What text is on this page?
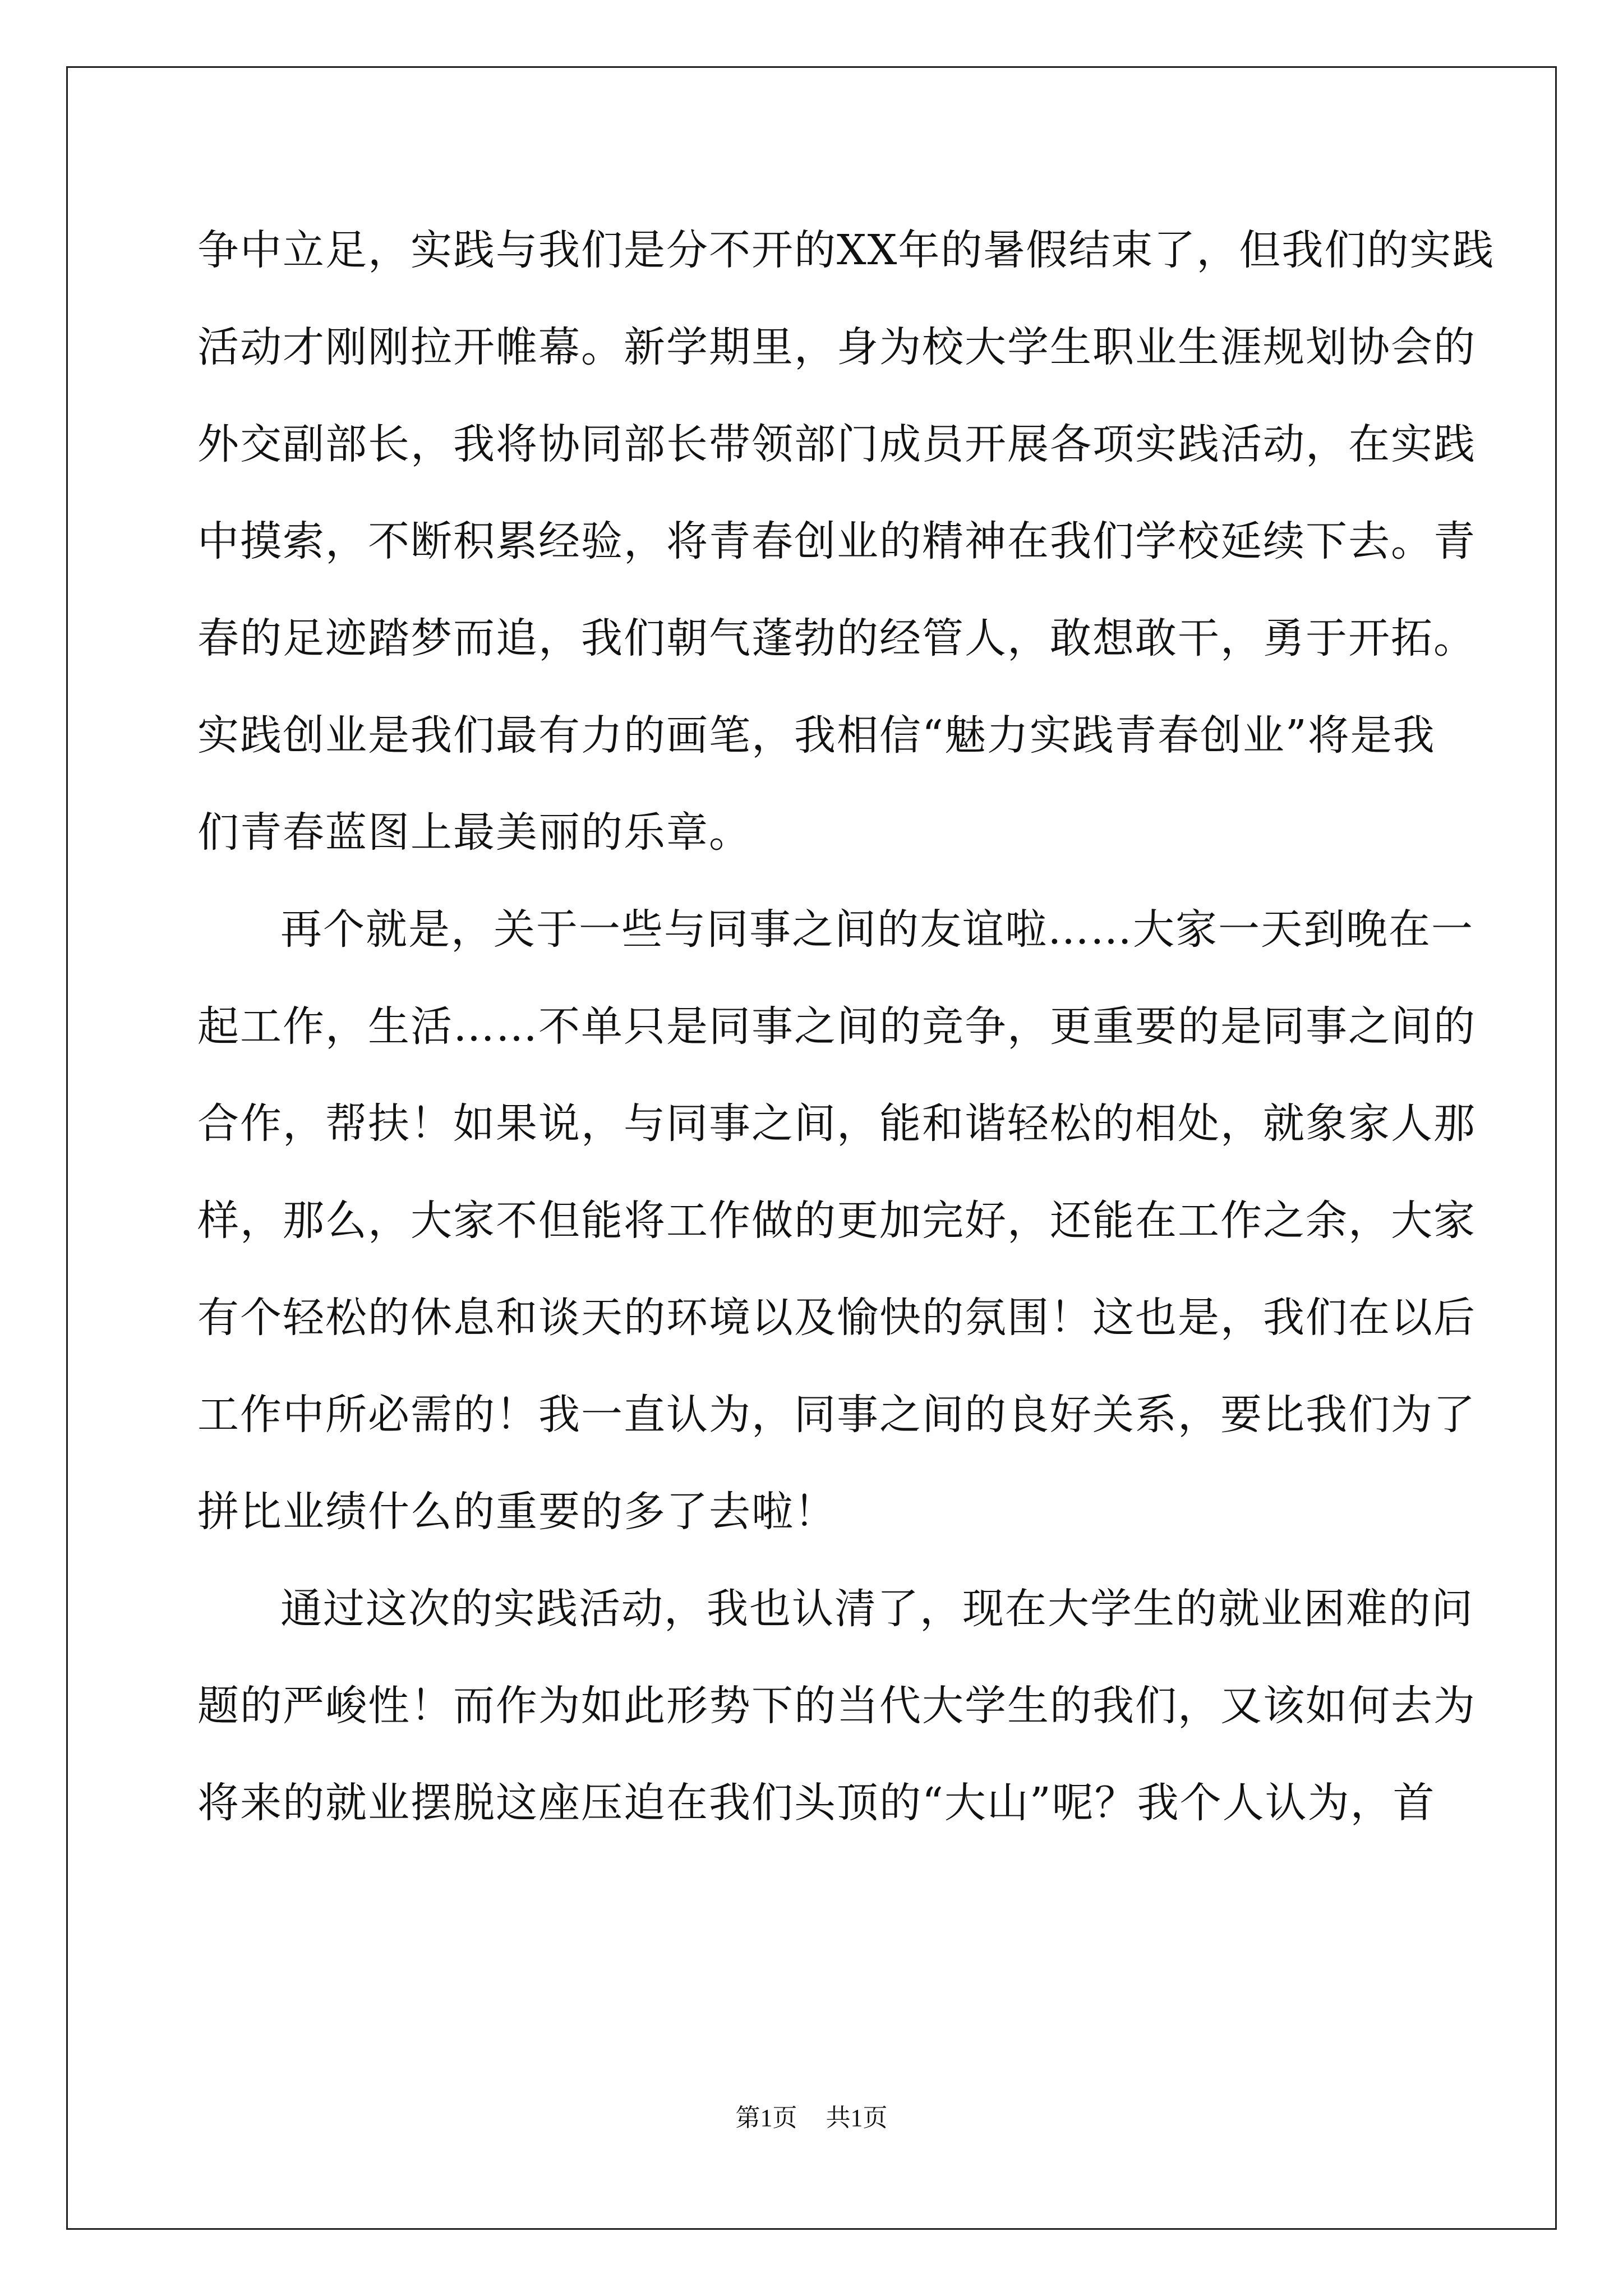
争中立足，实践与我们是分不开的XX年的暑假结束了，但我们的实践
活动才刚刚拉开帷幕。新学期里，身为校大学生职业生涯规划协会的
外交副部长，我将协同部长带领部门成员开展各项实践活动，在实践
中摸索，不断积累经验，将青春创业的精神在我们学校延续下去。青
春的足迹踏梦而追，我们朝气蓬勃的经管人，敢想敢干，勇于开拓。
实践创业是我们最有力的画笔，我相信“魅力实践青春创业”将是我
们青春蓝图上最美丽的乐章。
再个就是，关于一些与同事之间的友谊啦……大家一天到晚在一
起工作，生活……不单只是同事之间的竞争，更重要的是同事之间的
合作，帮扶！如果说，与同事之间，能和谐轻松的相处，就象家人那
样，那么，大家不但能将工作做的更加完好，还能在工作之余，大家
有个轻松的休息和谈天的环境以及愉快的氛围！这也是，我们在以后
工作中所必需的！我一直认为，同事之间的良好关系，要比我们为了
拼比业绩什么的重要的多了去啦！
通过这次的实践活动，我也认清了，现在大学生的就业困难的问
题的严峻性！而作为如此形势下的当代大学生的我们，又该如何去为
将来的就业摆脱这座压迫在我们头顶的“大山”呢？我个人认为，首
第1页 共1页
